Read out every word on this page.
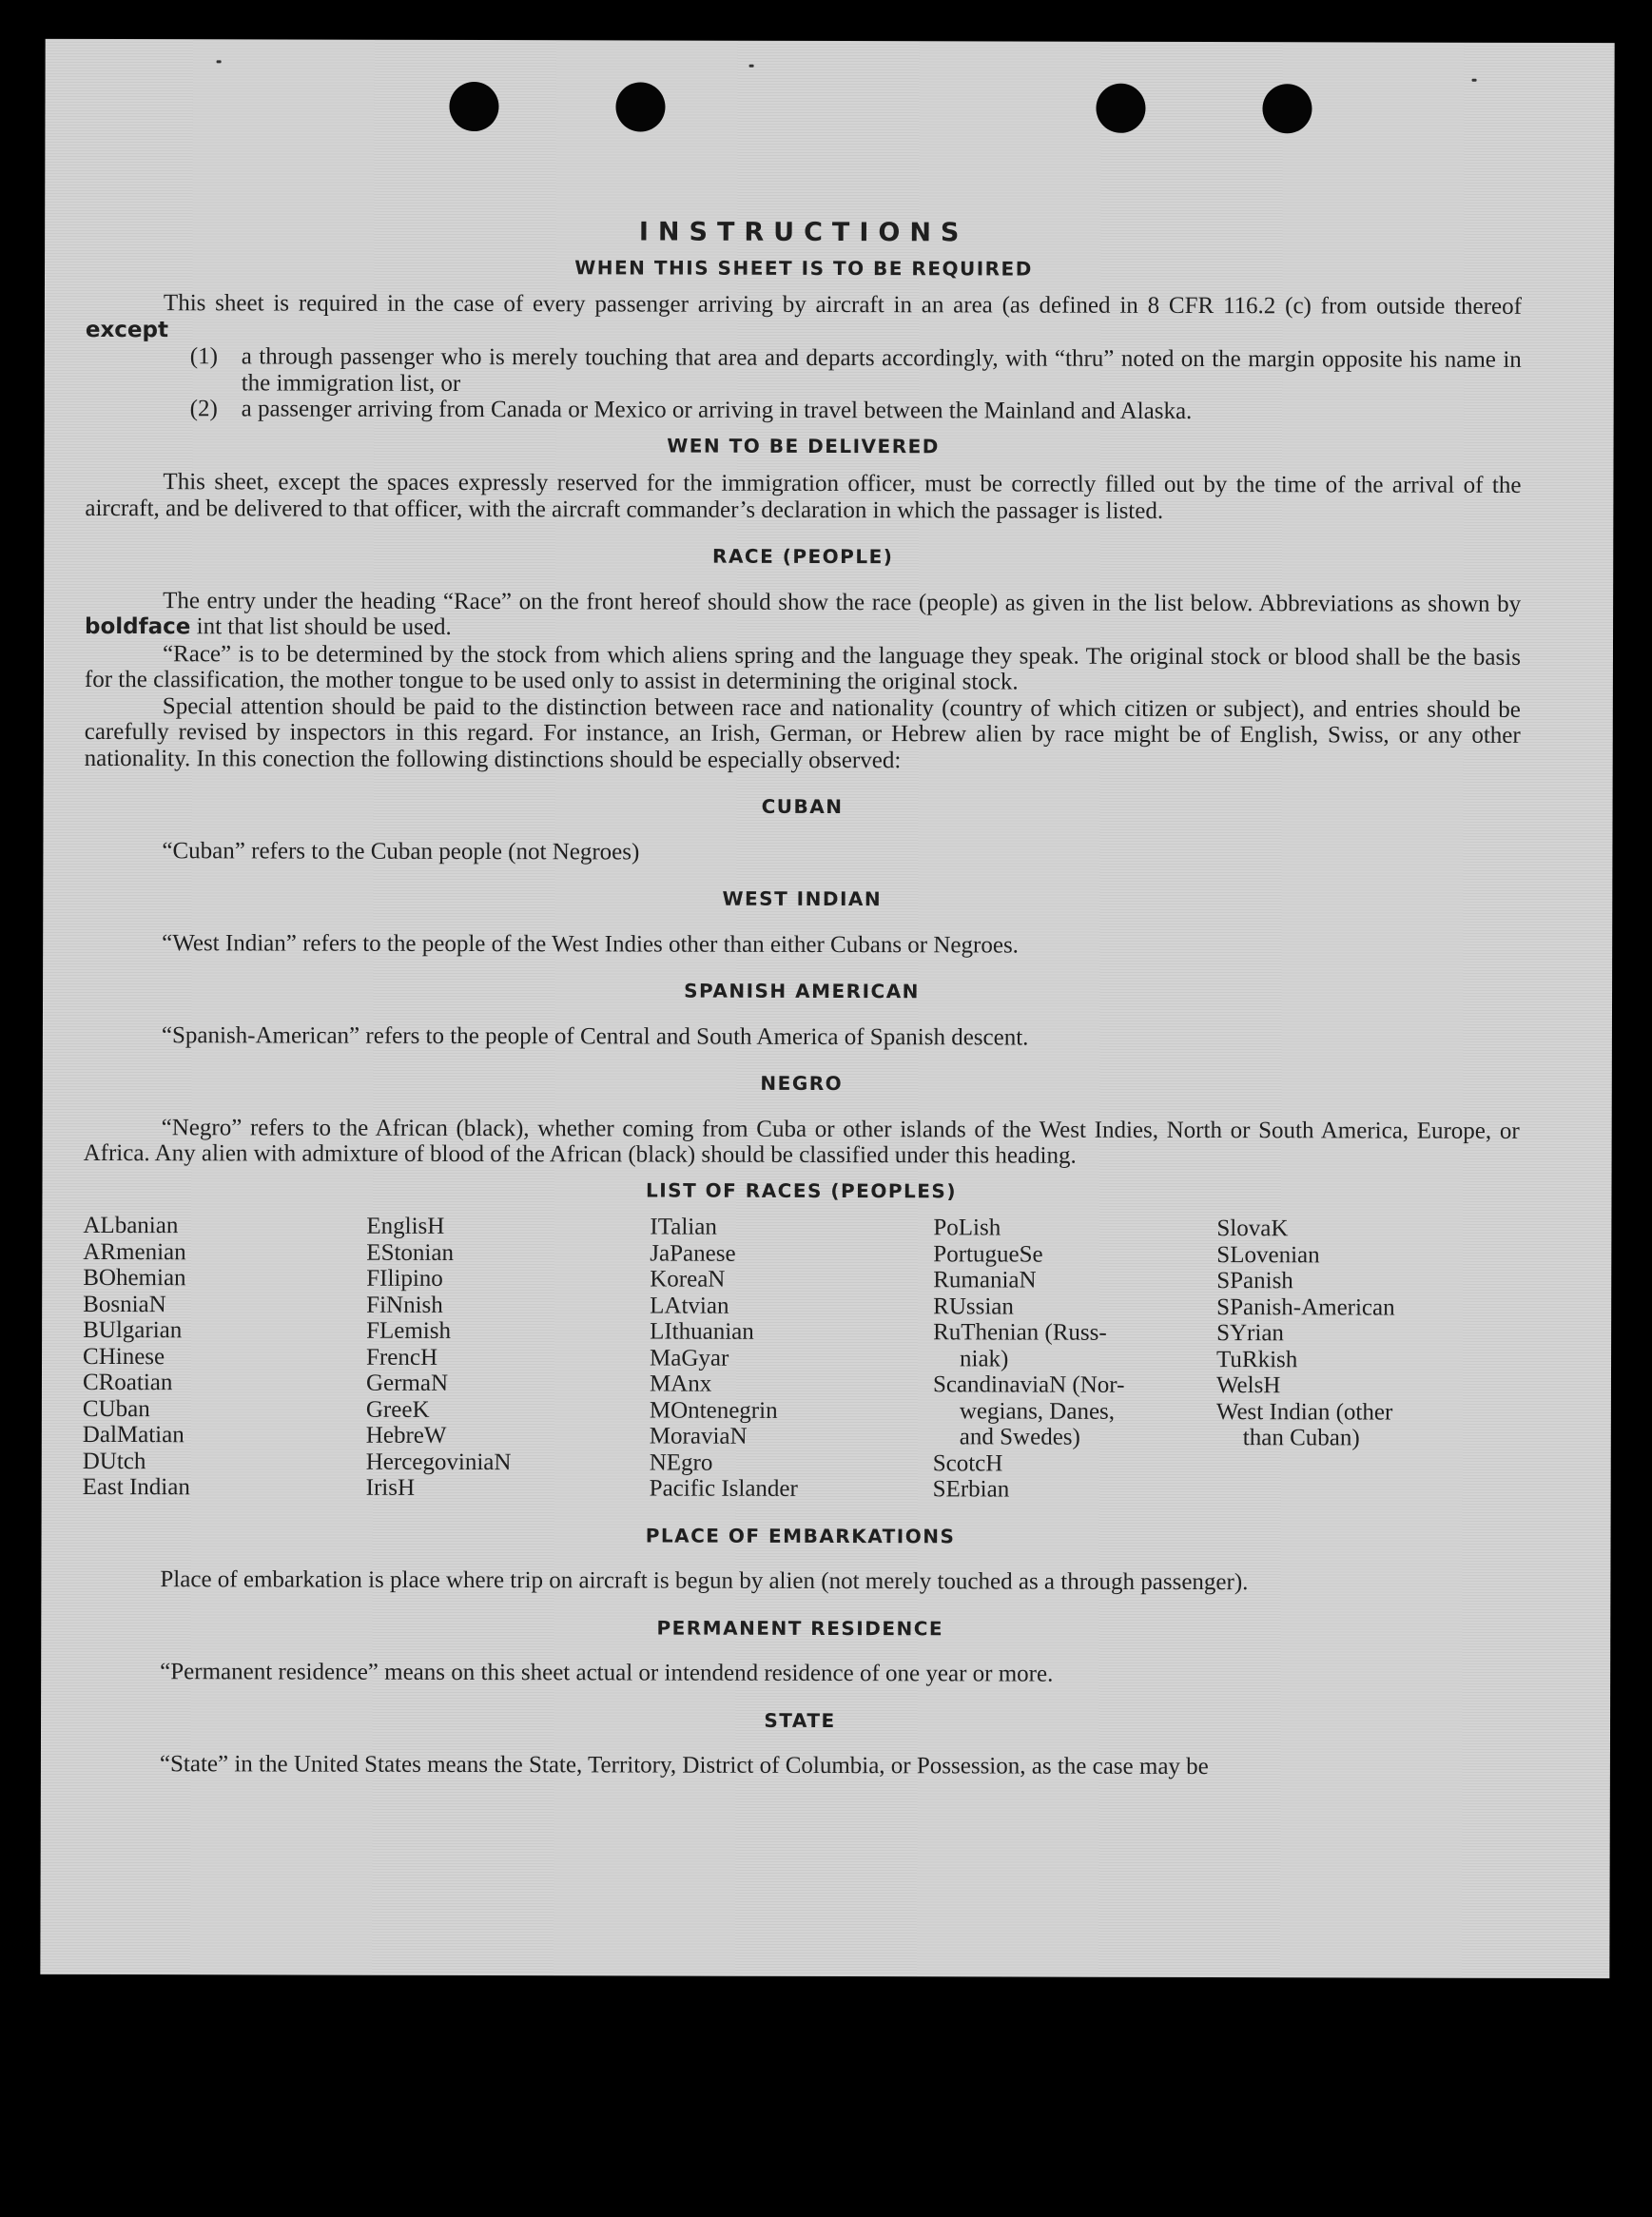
INSTRUCTIONS
WHEN THIS SHEET IS TO BE REQUIRED

This sheet is required in the case of every passenger arriving by aircraft in an area (as defined in 8 CFR 116.2 (c) from outside thereof except

(1) a through passenger who is merely touching that area and departs accordingly, with “thru” noted on the margin opposite his name in the immigration list, or
(2) a passenger arriving from Canada or Mexico or arriving in travel between the Mainland and Alaska.
WEN TO BE DELIVERED

This sheet, except the spaces expressly reserved for the immigration officer, must be correctly filled out by the time of the arrival of the aircraft, and be delivered to that officer, with the aircraft commander’s declaration in which the passager is listed.

RACE (PEOPLE)

The entry under the heading “Race” on the front hereof should show the race (people) as given in the list below. Abbreviations as shown by boldface int that list should be used.

“Race” is to be determined by the stock from which aliens spring and the language they speak. The original stock or blood shall be the basis for the classification, the mother tongue to be used only to assist in determining the original stock.

Special attention should be paid to the distinction between race and nationality (country of which citizen or subject), and entries should be carefully revised by inspectors in this regard. For instance, an Irish, German, or Hebrew alien by race might be of English, Swiss, or any other nationality. In this conection the following distinctions should be especially observed:

CUBAN

“Cuban” refers to the Cuban people (not Negroes)

WEST INDIAN

“West Indian” refers to the people of the West Indies other than either Cubans or Negroes.

SPANISH AMERICAN

“Spanish-American” refers to the people of Central and South America of Spanish descent.

NEGRO

“Negro” refers to the African (black), whether coming from Cuba or other islands of the West Indies, North or South America, Europe, or Africa. Any alien with admixture of blood of the African (black) should be classified under this heading.

LIST OF RACES (PEOPLES)
ALbanian
ARmenian
BOhemian
BosniaN
BUlgarian
CHinese
CRoatian
CUban
DalMatian
DUtch
East Indian
EnglisH
EStonian
FIlipino
FiNnish
FLemish
FrencH
GermaN
GreeK
HebreW
HercegoviniaN
IrisH
ITalian
JaPanese
KoreaN
LAtvian
LIthuanian
MaGyar
MAnx
MOntenegrin
MoraviaN
NEgro
Pacific Islander
PoLish
PortugueSe
RumaniaN
RUssian
RuThenian (Russ-
niak)
ScandinaviaN (Nor-
wegians, Danes,
and Swedes)
ScotcH
SErbian
SlovaK
SLovenian
SPanish
SPanish-American
SYrian
TuRkish
WelsH
West Indian (other
than Cuban)
PLACE OF EMBARKATIONS

Place of embarkation is place where trip on aircraft is begun by alien (not merely touched as a through passenger).

PERMANENT RESIDENCE

“Permanent residence” means on this sheet actual or intendend residence of one year or more.

STATE

“State” in the United States means the State, Territory, District of Columbia, or Possession, as the case may be
